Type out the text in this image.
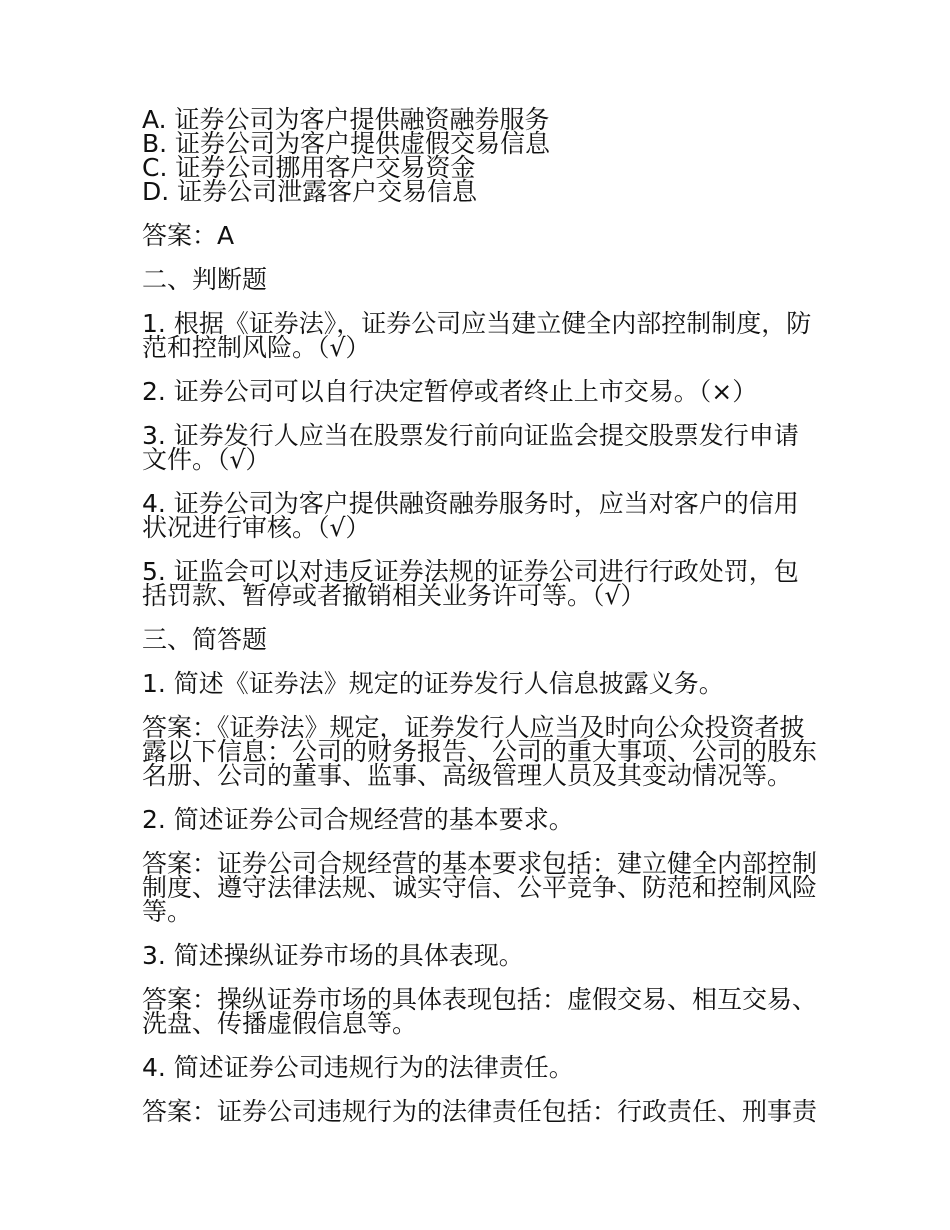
A. 证券公司为客户提供融资融券服务
B. 证券公司为客户提供虚假交易信息
C. 证券公司挪用客户交易资金
D. 证券公司泄露客户交易信息
答案：A
二、判断题

1. 根据《证券法》，证券公司应当建立健全内部控制制度，防范和控制风险。（√）

2. 证券公司可以自行决定暂停或者终止上市交易。（×）

3. 证券发行人应当在股票发行前向证监会提交股票发行申请文件。（√）

4. 证券公司为客户提供融资融券服务时，应当对客户的信用状况进行审核。（√）

5. 证监会可以对违反证券法规的证券公司进行行政处罚，包括罚款、暂停或者撤销相关业务许可等。（√）

三、简答题
1. 简述《证券法》规定的证券发行人信息披露义务。

答案：《证券法》规定，证券发行人应当及时向公众投资者披露以下信息：公司的财务报告、公司的重大事项、公司的股东名册、公司的董事、监事、高级管理人员及其变动情况等。

2. 简述证券公司合规经营的基本要求。

答案：证券公司合规经营的基本要求包括：建立健全内部控制制度、遵守法律法规、诚实守信、公平竞争、防范和控制风险等。

3. 简述操纵证券市场的具体表现。

答案：操纵证券市场的具体表现包括：虚假交易、相互交易、洗盘、传播虚假信息等。

4. 简述证券公司违规行为的法律责任。

答案：证券公司违规行为的法律责任包括：行政责任、刑事责
